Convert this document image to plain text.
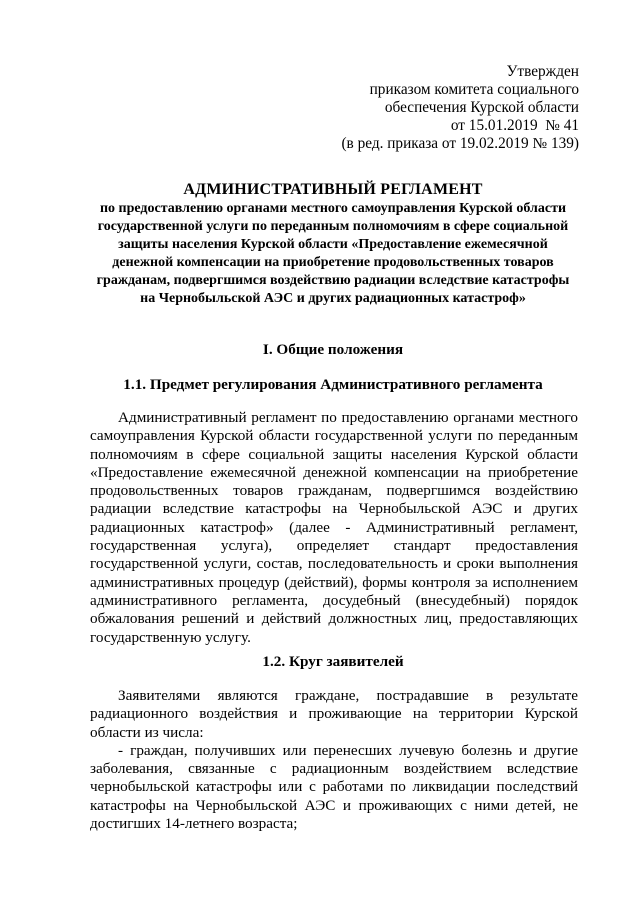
Утвержден
приказом комитета социального
обеспечения Курской области
от 15.01.2019  № 41
(в ред. приказа от 19.02.2019 № 139)
АДМИНИСТРАТИВНЫЙ РЕГЛАМЕНТ
по предоставлению органами местного самоуправления Курской области государственной услуги по переданным полномочиям в сфере социальной защиты населения Курской области «Предоставление ежемесячной денежной компенсации на приобретение продовольственных товаров гражданам, подвергшимся воздействию радиации вследствие катастрофы на Чернобыльской АЭС и других радиационных катастроф»
I. Общие положения
1.1. Предмет регулирования Административного регламента

Административный регламент по предоставлению органами местного самоуправления Курской области государственной услуги по переданным полномочиям в сфере социальной защиты населения Курской области «Предоставление ежемесячной денежной компенсации на приобретение продовольственных товаров гражданам, подвергшимся воздействию радиации вследствие катастрофы на Чернобыльской АЭС и других радиационных катастроф» (далее - Административный регламент, государственная услуга), определяет стандарт предоставления государственной услуги, состав, последовательность и сроки выполнения административных процедур (действий), формы контроля за исполнением административного регламента, досудебный (внесудебный) порядок обжалования решений и действий должностных лиц, предоставляющих государственную услугу.

1.2. Круг заявителей

Заявителями являются граждане, пострадавшие в результате радиационного воздействия и проживающие на территории Курской области из числа:

- граждан, получивших или перенесших лучевую болезнь и другие заболевания, связанные с радиационным воздействием вследствие чернобыльской катастрофы или с работами по ликвидации последствий катастрофы на Чернобыльской АЭС и проживающих с ними детей, не достигших 14-летнего возраста;
